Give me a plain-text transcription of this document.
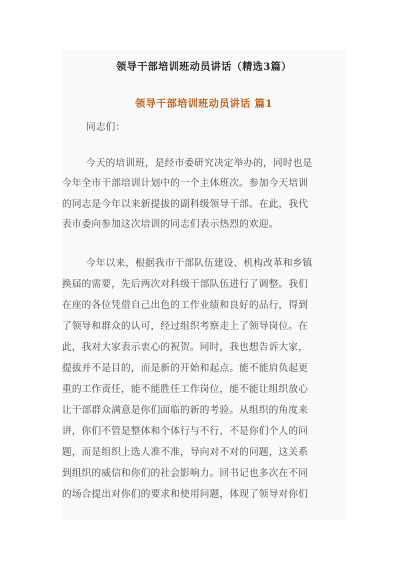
领导干部培训班动员讲话（精选3篇）
领导干部培训班动员讲话 篇1

同志们：

今天的培训班，是经市委研究决定举办的，同时也是

今年全市干部培训计划中的一个主体班次。参加今天培训

的同志是今年以来新提拔的副科级领导干部。在此，我代

表市委向参加这次培训的同志们表示热烈的欢迎。

今年以来，根据我市干部队伍建设、机构改革和乡镇

换届的需要，先后两次对科级干部队伍进行了调整。我们

在座的各位凭借自己出色的工作业绩和良好的品行，得到

了领导和群众的认可，经过组织考察走上了领导岗位。在

此，我对大家表示衷心的祝贺。同时，我也想告诉大家，

提拔并不是目的，而是新的开始和起点。能不能肩负起更

重的工作责任，能不能胜任工作岗位，能不能让组织放心

让干部群众满意是你们面临的新的考验。从组织的角度来

讲，你们不管是整体和个体行与不行，不是你们个人的问

题，而是组织上选人准不准，导向对不对的问题，这关系

到组织的威信和你们的社会影响力。回书记也多次在不同

的场合提出对你们的要求和使用问题，体现了领导对你们
